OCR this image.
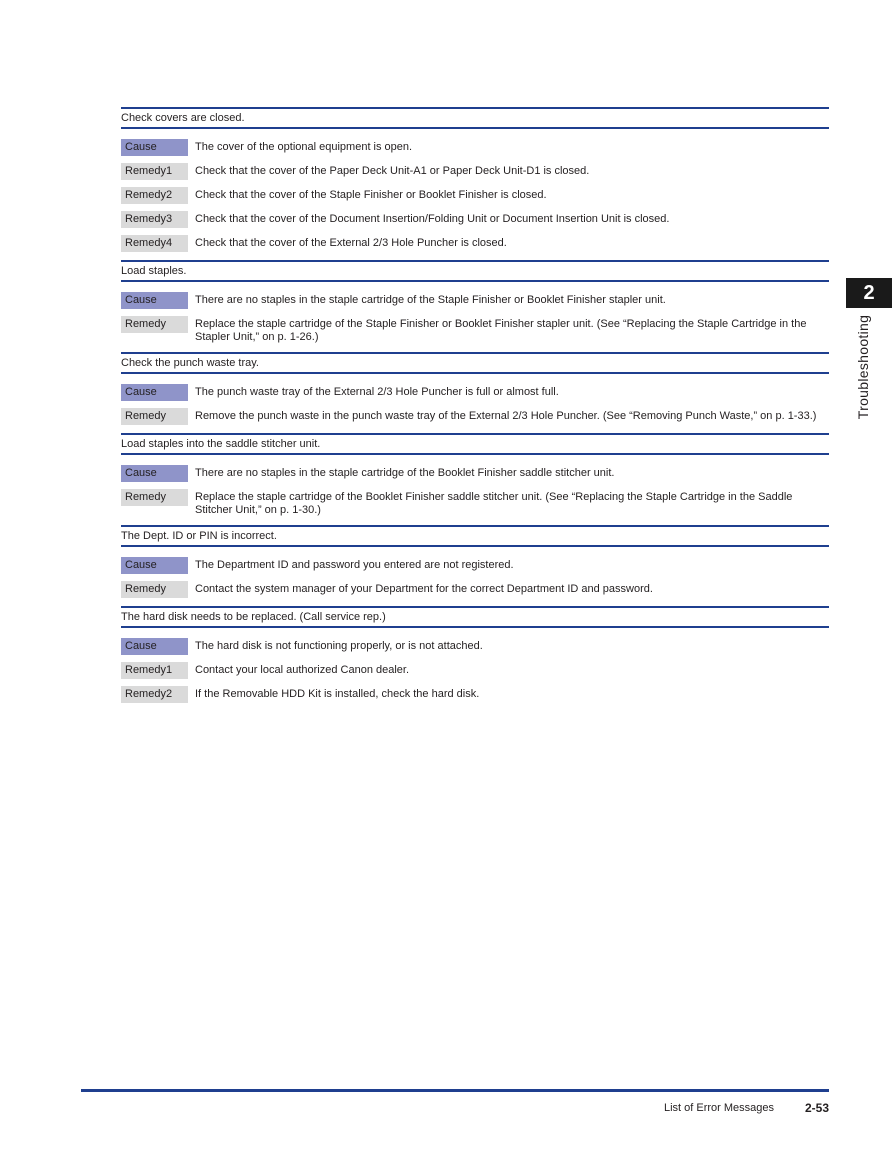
Check covers are closed.
Cause	The cover of the optional equipment is open.
Remedy1	Check that the cover of the Paper Deck Unit-A1 or Paper Deck Unit-D1 is closed.
Remedy2	Check that the cover of the Staple Finisher or Booklet Finisher is closed.
Remedy3	Check that the cover of the Document Insertion/Folding Unit or Document Insertion Unit is closed.
Remedy4	Check that the cover of the External 2/3 Hole Puncher is closed.
Load staples.
Cause	There are no staples in the staple cartridge of the Staple Finisher or Booklet Finisher stapler unit.
Remedy	Replace the staple cartridge of the Staple Finisher or Booklet Finisher stapler unit. (See “Replacing the Staple Cartridge in the Stapler Unit,” on p. 1-26.)
Check the punch waste tray.
Cause	The punch waste tray of the External 2/3 Hole Puncher is full or almost full.
Remedy	Remove the punch waste in the punch waste tray of the External 2/3 Hole Puncher. (See “Removing Punch Waste,” on p. 1-33.)
Load staples into the saddle stitcher unit.
Cause	There are no staples in the staple cartridge of the Booklet Finisher saddle stitcher unit.
Remedy	Replace the staple cartridge of the Booklet Finisher saddle stitcher unit. (See “Replacing the Staple Cartridge in the Saddle Stitcher Unit,” on p. 1-30.)
The Dept. ID or PIN is incorrect.
Cause	The Department ID and password you entered are not registered.
Remedy	Contact the system manager of your Department for the correct Department ID and password.
The hard disk needs to be replaced. (Call service rep.)
Cause	The hard disk is not functioning properly, or is not attached.
Remedy1	Contact your local authorized Canon dealer.
Remedy2	If the Removable HDD Kit is installed, check the hard disk.
2
Troubleshooting
List of Error Messages	2-53
